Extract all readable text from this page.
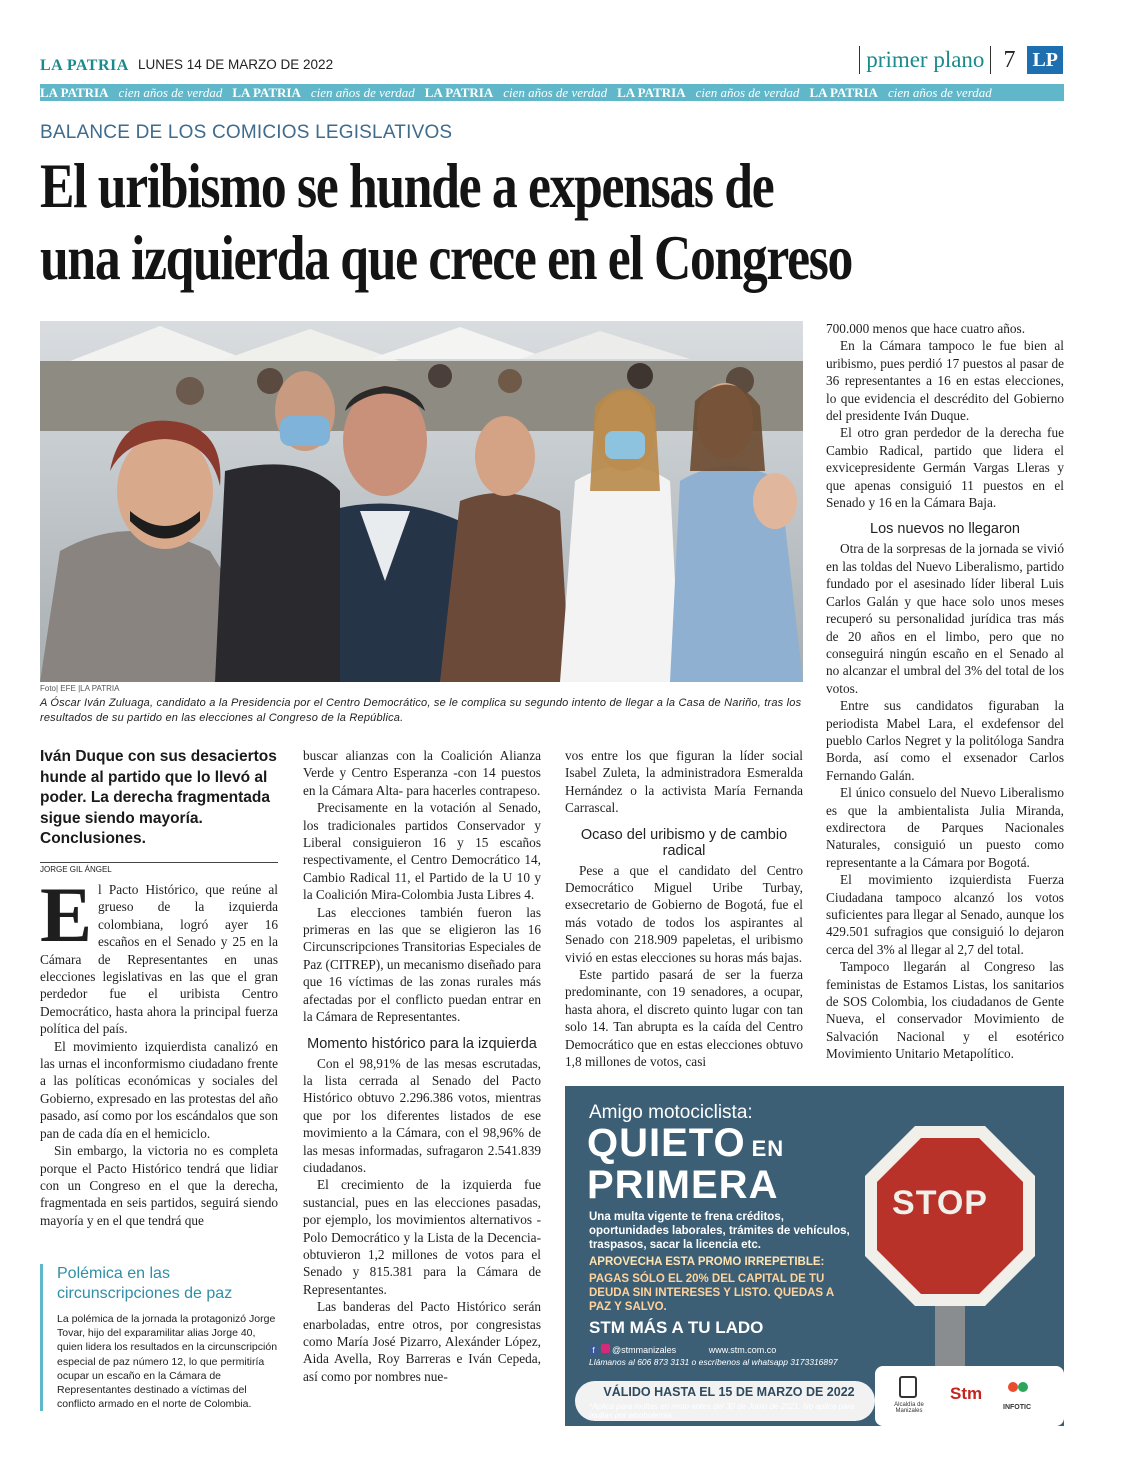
LA PATRIA LUNES 14 DE MARZO DE 2022	primer plano 7 LP
LA PATRIA cien años de verdad LA PATRIA cien años de verdad LA PATRIA cien años de verdad LA PATRIA cien años de verdad LA PATRIA cien años de verdad
BALANCE DE LOS COMICIOS LEGISLATIVOS
El uribismo se hunde a expensas de
una izquierda que crece en el Congreso
Foto| EFE |LA PATRIA
A Óscar Iván Zuluaga, candidato a la Presidencia por el Centro Democrático, se le complica su segundo intento de llegar a la Casa de Nariño, tras los resultados de su partido en las elecciones al Congreso de la República.
Iván Duque con sus desaciertos hunde al partido que lo llevó al poder. La derecha fragmentada sigue siendo mayoría. Conclusiones.
JORGE GIL ÁNGEL
E l Pacto Histórico, que reúne al grueso de la izquierda colombiana, logró ayer 16 escaños en el Senado y 25 en la Cámara de Representantes en unas elecciones legislativas en las que el gran perdedor fue el uribista Centro Democrático, hasta ahora la principal fuerza política del país.

El movimiento izquierdista canalizó en las urnas el inconformismo ciudadano frente a las políticas económicas y sociales del Gobierno, expresado en las protestas del año pasado, así como por los escándalos que son pan de cada día en el hemiciclo.

Sin embargo, la victoria no es completa porque el Pacto Histórico tendrá que lidiar con un Congreso en el que la derecha, fragmentada en seis partidos, seguirá siendo mayoría y en el que tendrá que

Polémica en las circunscripciones de paz
La polémica de la jornada la protagonizó Jorge Tovar, hijo del exparamilitar alias Jorge 40, quien lidera los resultados en la circunscripción especial de paz número 12, lo que permitiría ocupar un escaño en la Cámara de Representantes destinado a víctimas del conflicto armado en el norte de Colombia.

buscar alianzas con la Coalición Alianza Verde y Centro Esperanza -con 14 puestos en la Cámara Alta- para hacerles contrapeso.

Precisamente en la votación al Senado, los tradicionales partidos Conservador y Liberal consiguieron 16 y 15 escaños respectivamente, el Centro Democrático 14, Cambio Radical 11, el Partido de la U 10 y la Coalición Mira-Colombia Justa Libres 4.

Las elecciones también fueron las primeras en las que se eligieron las 16 Circunscripciones Transitorias Especiales de Paz (CITREP), un mecanismo diseñado para que 16 víctimas de las zonas rurales más afectadas por el conflicto puedan entrar en la Cámara de Representantes.

Momento histórico para la izquierda

Con el 98,91% de las mesas escrutadas, la lista cerrada al Senado del Pacto Histórico obtuvo 2.296.386 votos, mientras que por los diferentes listados de ese movimiento a la Cámara, con el 98,96% de las mesas informadas, sufragaron 2.541.839 ciudadanos.

El crecimiento de la izquierda fue sustancial, pues en las elecciones pasadas, por ejemplo, los movimientos alternativos -Polo Democrático y la Lista de la Decencia- obtuvieron 1,2 millones de votos para el Senado y 815.381 para la Cámara de Representantes.

Las banderas del Pacto Histórico serán enarboladas, entre otros, por congresistas como María José Pizarro, Alexánder López, Aida Avella, Roy Barreras e Iván Cepeda, así como por nombres nue-

vos entre los que figuran la líder social Isabel Zuleta, la administradora Esmeralda Hernández o la activista María Fernanda Carrascal.

Ocaso del uribismo y de cambio radical

Pese a que el candidato del Centro Democrático Miguel Uribe Turbay, exsecretario de Gobierno de Bogotá, fue el más votado de todos los aspirantes al Senado con 218.909 papeletas, el uribismo vivió en estas elecciones su horas más bajas.

Este partido pasará de ser la fuerza predominante, con 19 senadores, a ocupar, hasta ahora, el discreto quinto lugar con tan solo 14. Tan abrupta es la caída del Centro Democrático que en estas elecciones obtuvo 1,8 millones de votos, casi

700.000 menos que hace cuatro años.

En la Cámara tampoco le fue bien al uribismo, pues perdió 17 puestos al pasar de 36 representantes a 16 en estas elecciones, lo que evidencia el descrédito del Gobierno del presidente Iván Duque.

El otro gran perdedor de la derecha fue Cambio Radical, partido que lidera el exvicepresidente Germán Vargas Lleras y que apenas consiguió 11 puestos en el Senado y 16 en la Cámara Baja.

Los nuevos no llegaron

Otra de la sorpresas de la jornada se vivió en las toldas del Nuevo Liberalismo, partido fundado por el asesinado líder liberal Luis Carlos Galán y que hace solo unos meses recuperó su personalidad jurídica tras más de 20 años en el limbo, pero que no conseguirá ningún escaño en el Senado al no alcanzar el umbral del 3% del total de los votos.

Entre sus candidatos figuraban la periodista Mabel Lara, el exdefensor del pueblo Carlos Negret y la politóloga Sandra Borda, así como el exsenador Carlos Fernando Galán.

El único consuelo del Nuevo Liberalismo es que la ambientalista Julia Miranda, exdirectora de Parques Nacionales Naturales, consiguió un puesto como representante a la Cámara por Bogotá.

El movimiento izquierdista Fuerza Ciudadana tampoco alcanzó los votos suficientes para llegar al Senado, aunque los 429.501 sufragios que consiguió lo dejaron cerca del 3% al llegar al 2,7 del total.

Tampoco llegarán al Congreso las feministas de Estamos Listas, los sanitarios de SOS Colombia, los ciudadanos de Gente Nueva, el conservador Movimiento de Salvación Nacional y el esotérico Movimiento Unitario Metapolítico.

Amigo motociclista:
QUIETO EN
PRIMERA
Una multa vigente te frena créditos, oportunidades laborales, trámites de vehículos, traspasos, sacar la licencia etc.
APROVECHA ESTA PROMO IRREPETIBLE:
PAGAS SÓLO EL 20% DEL CAPITAL DE TU DEUDA SIN INTERESES Y LISTO. QUEDAS A PAZ Y SALVO.
STM MÁS A TU LADO
f @stmmanizales	www.stm.com.co
Llámanos al 606 873 3131 o escríbenos al whatsapp 3173316897
VÁLIDO HASTA EL 15 DE MARZO DE 2022
*Aplica para multas en moto antes del 30 de Junio de 2021. No aplica para multas por alcoholemia.
STOP
Alcaldía de Manizales
Stm
INFOTIC
